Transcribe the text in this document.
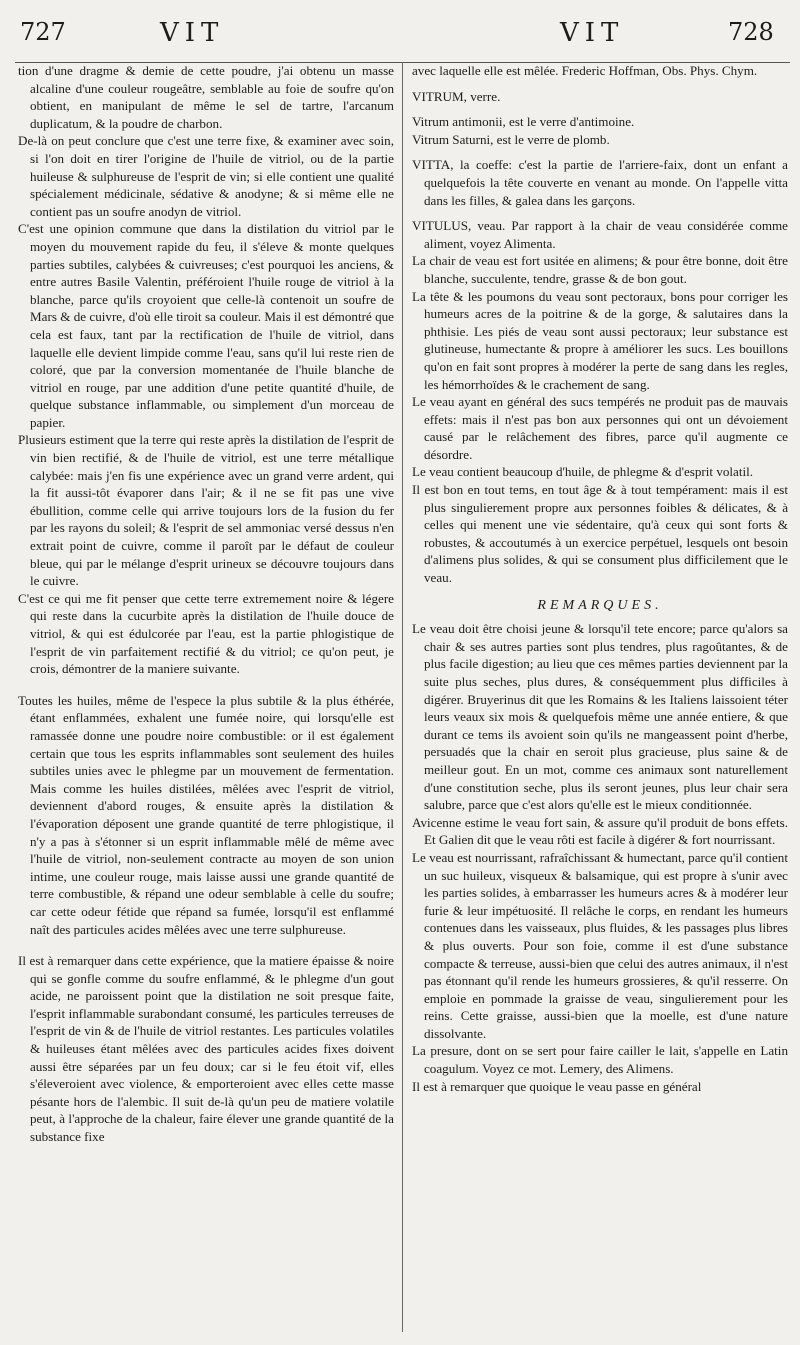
727	VIT	VIT	728

tion d'une dragme & demie de cette poudre, j'ai obtenu un masse alcaline d'une couleur rougeâtre, semblable au foie de soufre qu'on obtient, en manipulant de même le sel de tartre, l'arcanum duplicatum, & la poudre de charbon.

De-là on peut conclure que c'est une terre fixe, & examiner avec soin, si l'on doit en tirer l'origine de l'huile de vitriol, ou de la partie huileuse & sulphureuse de l'esprit de vin; si elle contient une qualité spécialement médicinale, sédative & anodyne; & si même elle ne contient pas un soufre anodyn de vitriol.

C'est une opinion commune que dans la distilation du vitriol par le moyen du mouvement rapide du feu, il s'éleve & monte quelques parties subtiles, calybées & cuivreuses; c'est pourquoi les anciens, & entre autres Basile Valentin, préféroient l'huile rouge de vitriol à la blanche, parce qu'ils croyoient que celle-là contenoit un soufre de Mars & de cuivre, d'où elle tiroit sa couleur. Mais il est démontré que cela est faux, tant par la rectification de l'huile de vitriol, dans laquelle elle devient limpide comme l'eau, sans qu'il lui reste rien de coloré, que par la conversion momentanée de l'huile blanche de vitriol en rouge, par une addition d'une petite quantité d'huile, de quelque substance inflammable, ou simplement d'un morceau de papier.

Plusieurs estiment que la terre qui reste après la distilation de l'esprit de vin bien rectifié, & de l'huile de vitriol, est une terre métallique calybée: mais j'en fis une expérience avec un grand verre ardent, qui la fit aussi-tôt évaporer dans l'air; & il ne se fit pas une vive ébullition, comme celle qui arrive toujours lors de la fusion du fer par les rayons du soleil; & l'esprit de sel ammoniac versé dessus n'en extrait point de cuivre, comme il paroît par le défaut de couleur bleue, qui par le mélange d'esprit urineux se découvre toujours dans le cuivre.

C'est ce qui me fit penser que cette terre extremement noire & légere qui reste dans la cucurbite après la distilation de l'huile douce de vitriol, & qui est édulcorée par l'eau, est la partie phlogistique de l'esprit de vin parfaitement rectifié & du vitriol; ce qu'on peut, je crois, démontrer de la maniere suivante.

Toutes les huiles, même de l'espece la plus subtile & la plus éthérée, étant enflammées, exhalent une fumée noire, qui lorsqu'elle est ramassée donne une poudre noire combustible: or il est également certain que tous les esprits inflammables sont seulement des huiles subtiles unies avec le phlegme par un mouvement de fermentation. Mais comme les huiles distilées, mêlées avec l'esprit de vitriol, deviennent d'abord rouges, & ensuite après la distilation & l'évaporation déposent une grande quantité de terre phlogistique, il n'y a pas à s'étonner si un esprit inflammable mêlé de même avec l'huile de vitriol, non-seulement contracte au moyen de son union intime, une couleur rouge, mais laisse aussi une grande quantité de terre combustible, & répand une odeur semblable à celle du soufre; car cette odeur fétide que répand sa fumée, lorsqu'il est enflammé naît des particules acides mêlées avec une terre sulphureuse.

Il est à remarquer dans cette expérience, que la matiere épaisse & noire qui se gonfle comme du soufre enflammé, & le phlegme d'un gout acide, ne paroissent point que la distilation ne soit presque faite, l'esprit inflammable surabondant consumé, les particules terreuses de l'esprit de vin & de l'huile de vitriol restantes. Les particules volatiles & huileuses étant mêlées avec des particules acides fixes doivent aussi être séparées par un feu doux; car si le feu étoit vif, elles s'éleveroient avec violence, & emporteroient avec elles cette masse pésante hors de l'alembic. Il suit de-là qu'un peu de matiere volatile peut, à l'approche de la chaleur, faire élever une grande quantité de la substance fixe

avec laquelle elle est mêlée. Frederic Hoffman, Obs. Phys. Chym.

VITRUM, verre.

Vitrum antimonii, est le verre d'antimoine.

Vitrum Saturni, est le verre de plomb.

VITTA, la coeffe: c'est la partie de l'arriere-faix, dont un enfant a quelquefois la tête couverte en venant au monde. On l'appelle vitta dans les filles, & galea dans les garçons.

VITULUS, veau. Par rapport à la chair de veau considérée comme aliment, voyez Alimenta.

La chair de veau est fort usitée en alimens; & pour être bonne, doit être blanche, succulente, tendre, grasse & de bon gout.

La tête & les poumons du veau sont pectoraux, bons pour corriger les humeurs acres de la poitrine & de la gorge, & salutaires dans la phthisie. Les piés de veau sont aussi pectoraux; leur substance est glutineuse, humectante & propre à améliorer les sucs. Les bouillons qu'on en fait sont propres à modérer la perte de sang dans les regles, les hémorrhoïdes & le crachement de sang.

Le veau ayant en général des sucs tempérés ne produit pas de mauvais effets: mais il n'est pas bon aux personnes qui ont un dévoiement causé par le relâchement des fibres, parce qu'il augmente ce désordre.

Le veau contient beaucoup d'huile, de phlegme & d'esprit volatil.

Il est bon en tout tems, en tout âge & à tout tempérament: mais il est plus singulierement propre aux personnes foibles & délicates, & à celles qui menent une vie sédentaire, qu'à ceux qui sont forts & robustes, & accoutumés à un exercice perpétuel, lesquels ont besoin d'alimens plus solides, & qui se consument plus difficilement que le veau.

REMARQUES.

Le veau doit être choisi jeune & lorsqu'il tete encore; parce qu'alors sa chair & ses autres parties sont plus tendres, plus ragoûtantes, & de plus facile digestion; au lieu que ces mêmes parties deviennent par la suite plus seches, plus dures, & conséquemment plus difficiles à digérer. Bruyerinus dit que les Romains & les Italiens laissoient téter leurs veaux six mois & quelquefois même une année entiere, & que durant ce tems ils avoient soin qu'ils ne mangeassent point d'herbe, persuadés que la chair en seroit plus gracieuse, plus saine & de meilleur gout. En un mot, comme ces animaux sont naturellement d'une constitution seche, plus ils seront jeunes, plus leur chair sera salubre, parce que c'est alors qu'elle est le mieux conditionnée.

Avicenne estime le veau fort sain, & assure qu'il produit de bons effets. Et Galien dit que le veau rôti est facile à digérer & fort nourrissant.

Le veau est nourrissant, rafraîchissant & humectant, parce qu'il contient un suc huileux, visqueux & balsamique, qui est propre à s'unir avec les parties solides, à embarrasser les humeurs acres & à modérer leur furie & leur impétuosité. Il relâche le corps, en rendant les humeurs contenues dans les vaisseaux, plus fluides, & les passages plus libres & plus ouverts. Pour son foie, comme il est d'une substance compacte & terreuse, aussi-bien que celui des autres animaux, il n'est pas étonnant qu'il rende les humeurs grossieres, & qu'il resserre. On emploie en pommade la graisse de veau, singulierement pour les reins. Cette graisse, aussi-bien que la moelle, est d'une nature dissolvante.

La presure, dont on se sert pour faire cailler le lait, s'appelle en Latin coagulum. Voyez ce mot. Lemery, des Alimens.

Il est à remarquer que quoique le veau passe en général
